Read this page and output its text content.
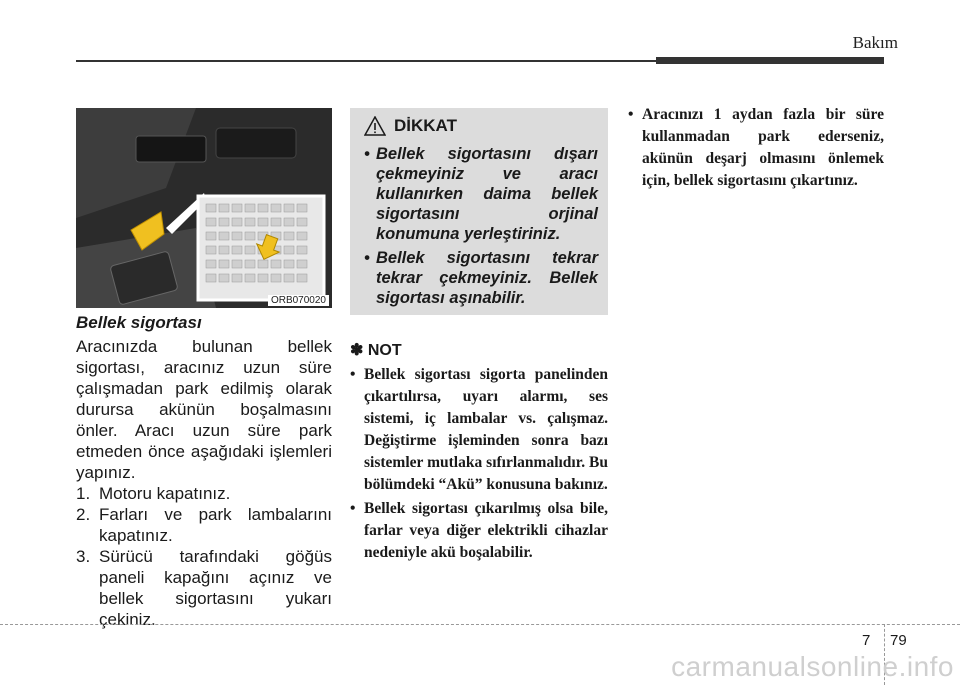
Bakım
ORB070020
Bellek sigortası
Aracınızda bulunan bellek sigortası, aracınız uzun süre çalışmadan park edilmiş olarak durursa akünün boşalmasını önler. Aracı uzun süre park etmeden önce aşağıdaki işlemleri yapınız.
1. Motoru kapatınız.
2. Farları ve park lambalarını kapatınız.
3. Sürücü tarafındaki göğüs paneli kapağını açınız ve bellek sigortasını yukarı çekiniz.
DİKKAT
• Bellek sigortasını dışarı çekmeyiniz ve aracı kullanırken daima bellek sigortasını orjinal konumuna yerleştiriniz.
• Bellek sigortasını tekrar tekrar çekmeyiniz. Bellek sigortası aşınabilir.
✽ NOT
• Bellek sigortası sigorta panelinden çıkartılırsa, uyarı alarmı, ses sistemi, iç lambalar vs. çalışmaz. Değiştirme işleminden sonra bazı sistemler mutlaka sıfırlanmalıdır. Bu bölümdeki “Akü” konusuna bakınız.
• Bellek sigortası çıkarılmış olsa bile, farlar veya diğer elektrikli cihazlar nedeniyle akü boşalabilir.
• Aracınızı 1 aydan fazla bir süre kullanmadan park ederseniz, akünün deşarj olmasını önlemek için, bellek sigortasını çıkartınız.
7 79
carmanualsonline.info
